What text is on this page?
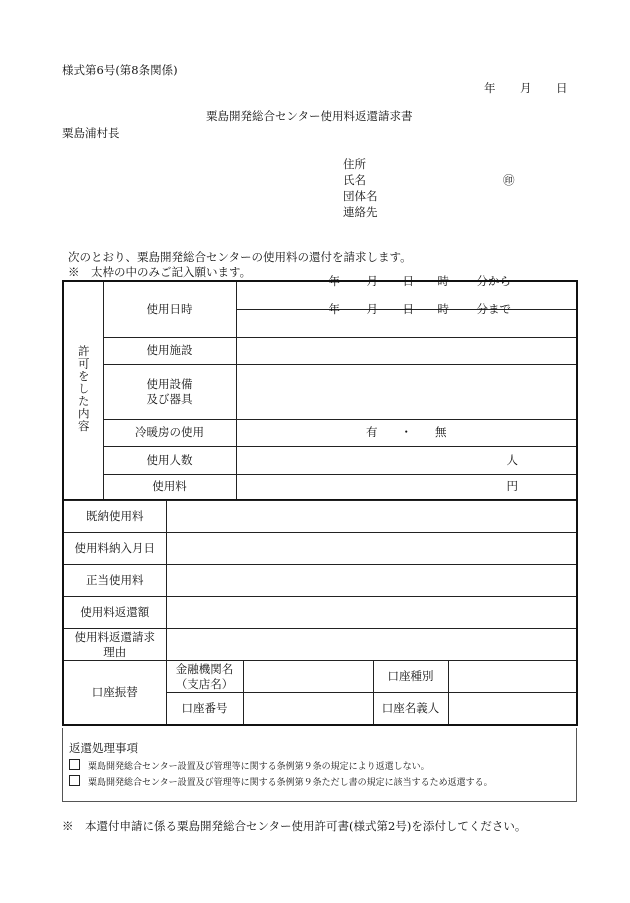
様式第6号(第8条関係)
年 月 日
粟島開発総合センター使用料返還請求書
粟島浦村長
住所
氏名	㊞
団体名
連絡先
次のとおり、粟島開発総合センターの使用料の還付を請求します。
※　太枠の中のみご記入願います。
許可をした内容	使用日時	年 月 日 時 分から

		年 月 日 時 分まで

	使用施設	
	使用設備
及び器具	
	冷暖房の使用	有   ・   無
	使用人数	人
	使用料	円
既納使用料				
使用料納入月日				
正当使用料				
使用料返還額				
使用料返還請求
理由				
口座振替	金融機関名
（支店名）		口座種別	
	口座番号		口座名義人	
返還処理事項
粟島開発総合センター設置及び管理等に関する条例第９条の規定により返還しない。
粟島開発総合センター設置及び管理等に関する条例第９条ただし書の規定に該当するため返還する。
※　本還付申請に係る粟島開発総合センター使用許可書(様式第2号)を添付してください。
